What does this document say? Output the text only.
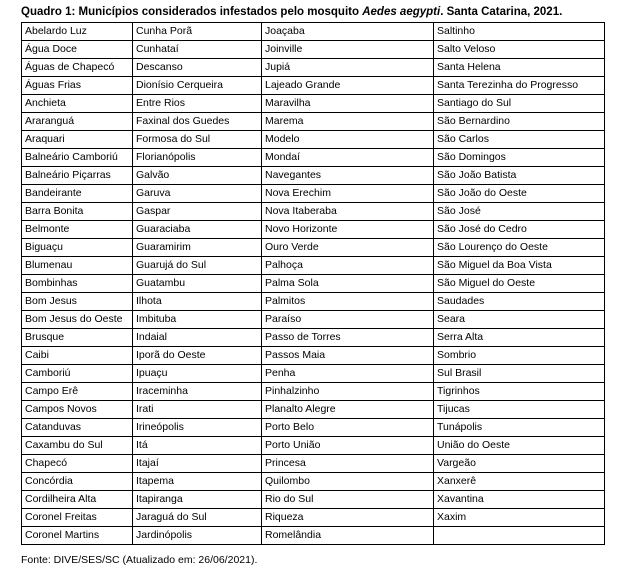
Quadro 1: Municípios considerados infestados pelo mosquito Aedes aegypti. Santa Catarina, 2021.
Abelardo Luz	Cunha Porã	Joaçaba	Saltinho
Água Doce	Cunhataí	Joinville	Salto Veloso
Águas de Chapecó	Descanso	Jupiá	Santa Helena
Águas Frias	Dionísio Cerqueira	Lajeado Grande	Santa Terezinha do Progresso
Anchieta	Entre Rios	Maravilha	Santiago do Sul
Araranguá	Faxinal dos Guedes	Marema	São Bernardino
Araquari	Formosa do Sul	Modelo	São Carlos
Balneário Camboriú	Florianópolis	Mondaí	São Domingos
Balneário Piçarras	Galvão	Navegantes	São João Batista
Bandeirante	Garuva	Nova Erechim	São João do Oeste
Barra Bonita	Gaspar	Nova Itaberaba	São José
Belmonte	Guaraciaba	Novo Horizonte	São José do Cedro
Biguaçu	Guaramirim	Ouro Verde	São Lourenço do Oeste
Blumenau	Guarujá do Sul	Palhoça	São Miguel da Boa Vista
Bombinhas	Guatambu	Palma Sola	São Miguel do Oeste
Bom Jesus	Ilhota	Palmitos	Saudades
Bom Jesus do Oeste	Imbituba	Paraíso	Seara
Brusque	Indaial	Passo de Torres	Serra Alta
Caibi	Iporã do Oeste	Passos Maia	Sombrio
Camboriú	Ipuaçu	Penha	Sul Brasil
Campo Erê	Iraceminha	Pinhalzinho	Tigrinhos
Campos Novos	Irati	Planalto Alegre	Tijucas
Catanduvas	Irineópolis	Porto Belo	Tunápolis
Caxambu do Sul	Itá	Porto União	União do Oeste
Chapecó	Itajaí	Princesa	Vargeão
Concórdia	Itapema	Quilombo	Xanxerê
Cordilheira Alta	Itapiranga	Rio do Sul	Xavantina
Coronel Freitas	Jaraguá do Sul	Riqueza	Xaxim
Coronel Martins	Jardinópolis	Romelândia	
Fonte: DIVE/SES/SC (Atualizado em: 26/06/2021).
